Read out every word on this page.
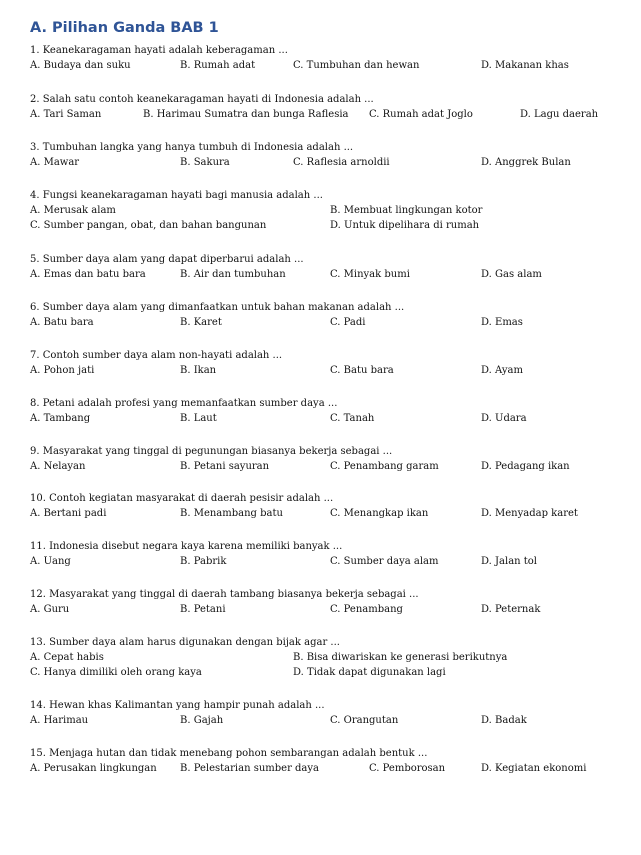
A. Pilihan Ganda BAB 1
1. Keanekaragaman hayati adalah keberagaman ...
A. Budaya dan suku	B. Rumah adat	C. Tumbuhan dan hewan	D. Makanan khas
2. Salah satu contoh keanekaragaman hayati di Indonesia adalah ...
A. Tari Saman	B. Harimau Sumatra dan bunga Raflesia C. Rumah adat Joglo	D. Lagu daerah
3. Tumbuhan langka yang hanya tumbuh di Indonesia adalah ...
A. Mawar	B. Sakura	C. Raflesia arnoldii	D. Anggrek Bulan
4. Fungsi keanekaragaman hayati bagi manusia adalah ...
A. Merusak alam	B. Membuat lingkungan kotor
C. Sumber pangan, obat, dan bahan bangunan	D. Untuk dipelihara di rumah
5. Sumber daya alam yang dapat diperbarui adalah ...
A. Emas dan batu bara	B. Air dan tumbuhan	C. Minyak bumi	D. Gas alam
6. Sumber daya alam yang dimanfaatkan untuk bahan makanan adalah ...
A. Batu bara	B. Karet	C. Padi	D. Emas
7. Contoh sumber daya alam non-hayati adalah ...
A. Pohon jati	B. Ikan	C. Batu bara	D. Ayam
8. Petani adalah profesi yang memanfaatkan sumber daya ...
A. Tambang	B. Laut	C. Tanah	D. Udara
9. Masyarakat yang tinggal di pegunungan biasanya bekerja sebagai ...
A. Nelayan	B. Petani sayuran	C. Penambang garam	D. Pedagang ikan
10. Contoh kegiatan masyarakat di daerah pesisir adalah ...
A. Bertani padi	B. Menambang batu	C. Menangkap ikan	D. Menyadap karet
11. Indonesia disebut negara kaya karena memiliki banyak ...
A. Uang	B. Pabrik	C. Sumber daya alam	D. Jalan tol
12. Masyarakat yang tinggal di daerah tambang biasanya bekerja sebagai ...
A. Guru	B. Petani	C. Penambang	D. Peternak
13. Sumber daya alam harus digunakan dengan bijak agar ...
A. Cepat habis	B. Bisa diwariskan ke generasi berikutnya
C. Hanya dimiliki oleh orang kaya	D. Tidak dapat digunakan lagi
14. Hewan khas Kalimantan yang hampir punah adalah ...
A. Harimau	B. Gajah	C. Orangutan	D. Badak
15. Menjaga hutan dan tidak menebang pohon sembarangan adalah bentuk ...
A. Perusakan lingkungan B. Pelestarian sumber daya	C. Pemborosan	D. Kegiatan ekonomi
